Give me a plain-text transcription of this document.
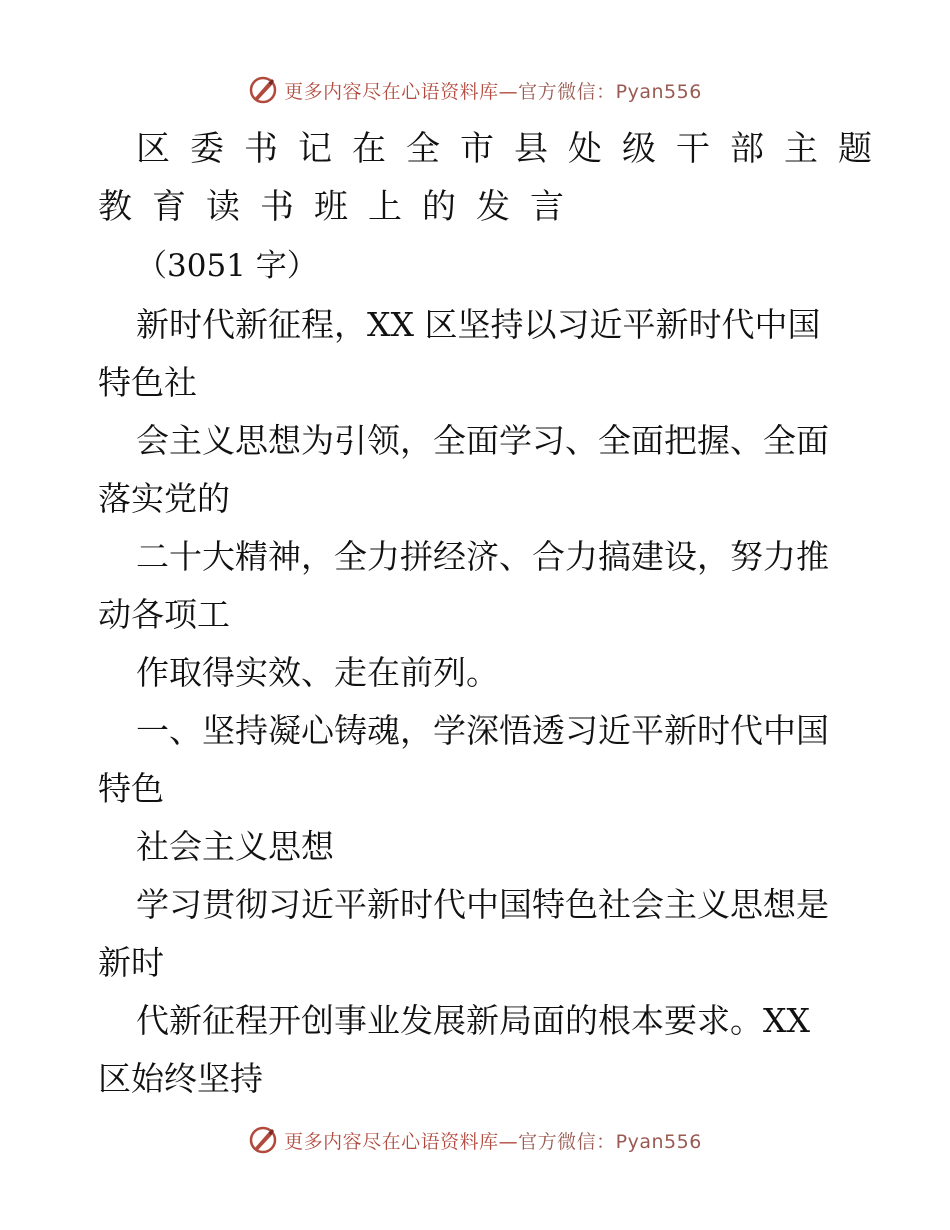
更多内容尽在心语资料库—官方微信：Pyan556
区委书记在全市县处级干部主题
教育读书班上的发言

（3051 字）

新时代新征程，XX 区坚持以习近平新时代中国
特色社

会主义思想为引领，全面学习、全面把握、全面
落实党的

二十大精神，全力拼经济、合力搞建设，努力推
动各项工

作取得实效、走在前列。

一、坚持凝心铸魂，学深悟透习近平新时代中国
特色

社会主义思想

学习贯彻习近平新时代中国特色社会主义思想是
新时

代新征程开创事业发展新局面的根本要求。XX
区始终坚持

更多内容尽在心语资料库—官方微信：Pyan556
